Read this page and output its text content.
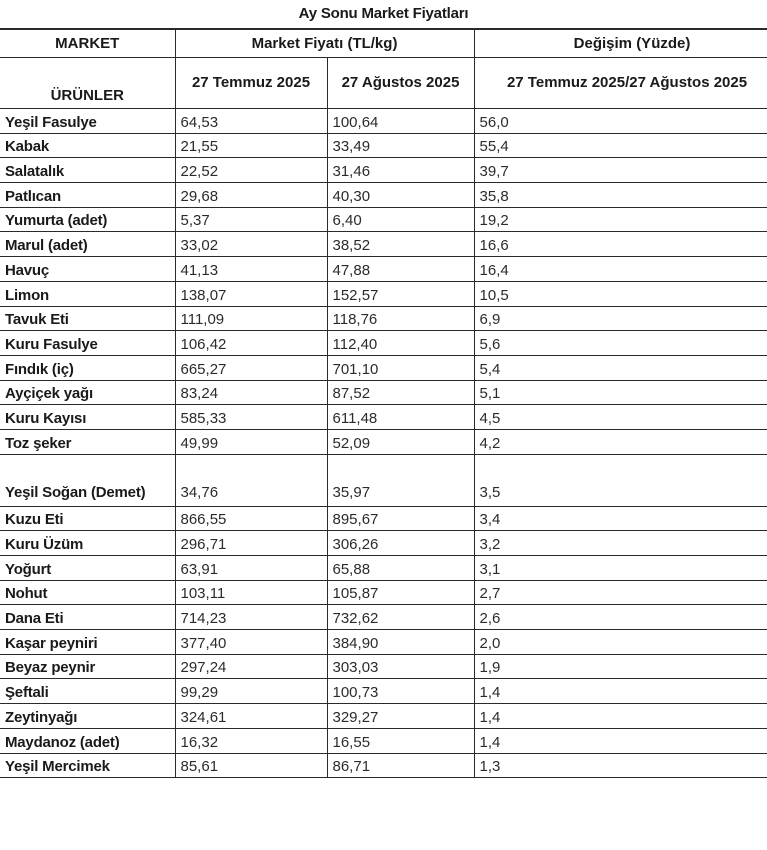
Ay Sonu Market Fiyatları
MARKET	Market Fiyatı (TL/kg)		Değişim (Yüzde)
ÜRÜNLER	27 Temmuz 2025	27 Ağustos 2025	27 Temmuz 2025/27 Ağustos 2025
Yeşil Fasulye	64,53	100,64	56,0
Kabak	21,55	33,49	55,4
Salatalık	22,52	31,46	39,7
Patlıcan	29,68	40,30	35,8
Yumurta (adet)	5,37	6,40	19,2
Marul (adet)	33,02	38,52	16,6
Havuç	41,13	47,88	16,4
Limon	138,07	152,57	10,5
Tavuk Eti	111,09	118,76	6,9
Kuru Fasulye	106,42	112,40	5,6
Fındık (iç)	665,27	701,10	5,4
Ayçiçek yağı	83,24	87,52	5,1
Kuru Kayısı	585,33	611,48	4,5
Toz şeker	49,99	52,09	4,2
Yeşil Soğan (Demet)	34,76	35,97	3,5
Kuzu Eti	866,55	895,67	3,4
Kuru Üzüm	296,71	306,26	3,2
Yoğurt	63,91	65,88	3,1
Nohut	103,11	105,87	2,7
Dana Eti	714,23	732,62	2,6
Kaşar peyniri	377,40	384,90	2,0
Beyaz peynir	297,24	303,03	1,9
Şeftali	99,29	100,73	1,4
Zeytinyağı	324,61	329,27	1,4
Maydanoz (adet)	16,32	16,55	1,4
Yeşil Mercimek	85,61	86,71	1,3
